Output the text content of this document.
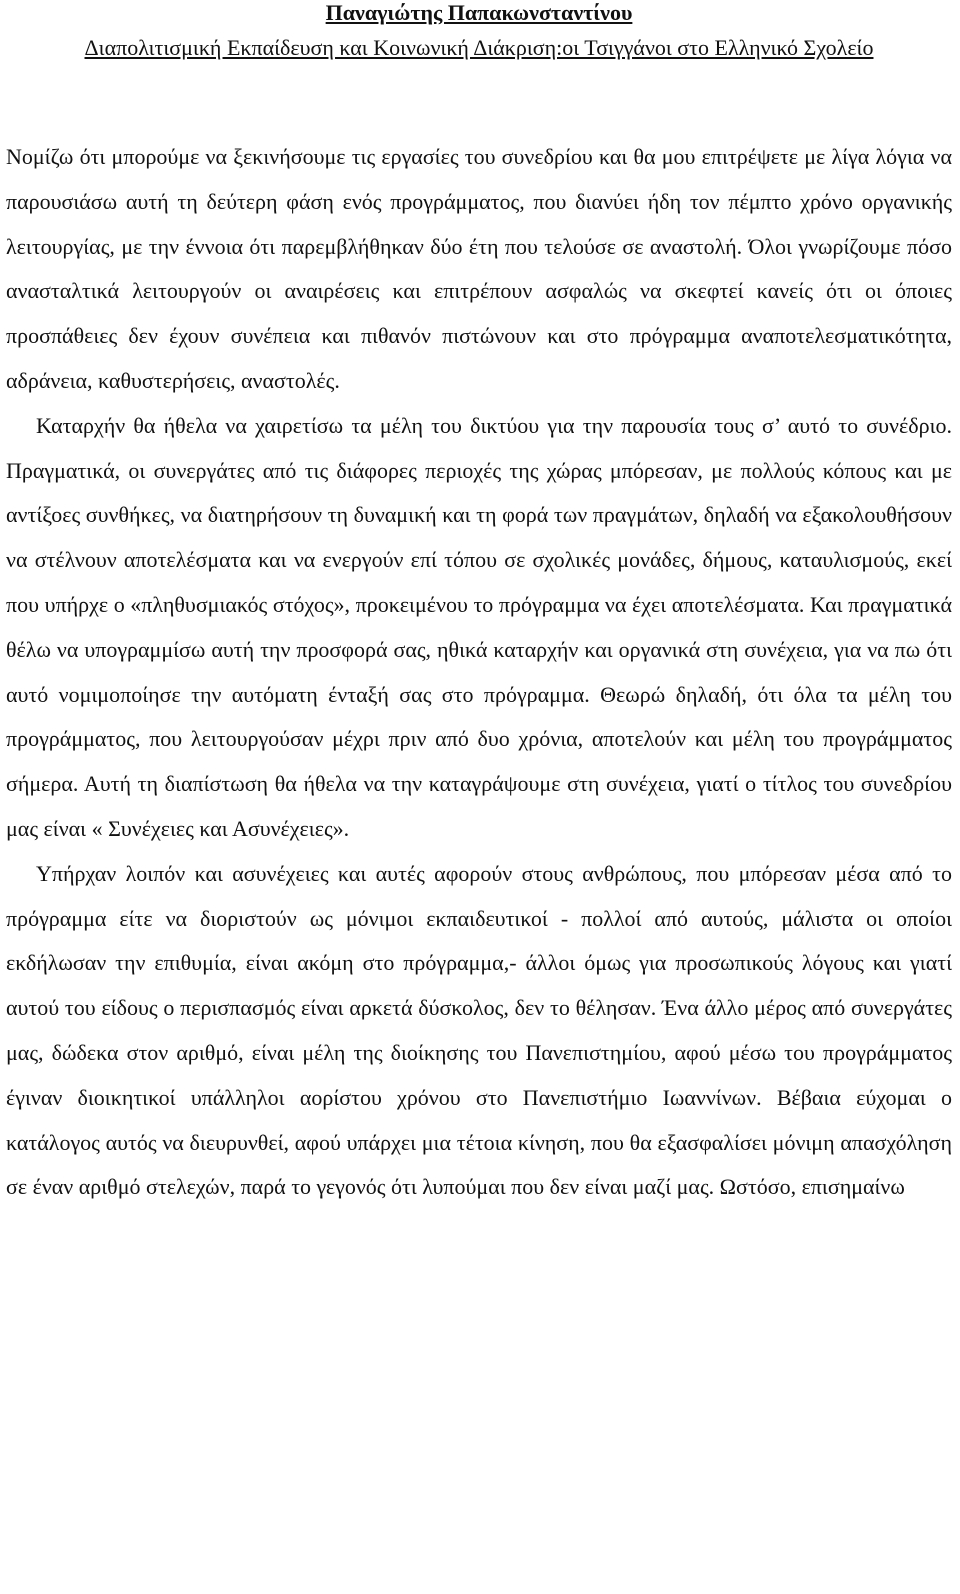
Παναγιώτης Παπακωνσταντίνου

Διαπολιτισμική Εκπαίδευση και Κοινωνική Διάκριση:οι Τσιγγάνοι στο Ελληνικό Σχολείο

Νομίζω ότι μπορούμε να ξεκινήσουμε τις εργασίες του συνεδρίου και θα μου επιτρέψετε με λίγα λόγια να παρουσιάσω αυτή τη δεύτερη φάση ενός προγράμματος, που διανύει ήδη τον πέμπτο χρόνο οργανικής λειτουργίας, με την έννοια ότι παρεμβλήθηκαν δύο έτη που τελούσε σε αναστολή. Όλοι γνωρίζουμε πόσο ανασταλτικά λειτουργούν οι αναιρέσεις και επιτρέπουν ασφαλώς να σκεφτεί κανείς ότι οι όποιες προσπάθειες δεν έχουν συνέπεια και πιθανόν πιστώνουν και στο πρόγραμμα αναποτελεσματικότητα, αδράνεια, καθυστερήσεις, αναστολές.

Καταρχήν θα ήθελα να χαιρετίσω τα μέλη του δικτύου για την παρουσία τους σ’ αυτό το συνέδριο. Πραγματικά, οι συνεργάτες από τις διάφορες περιοχές της χώρας μπόρεσαν, με πολλούς κόπους και με αντίξοες συνθήκες, να διατηρήσουν τη δυναμική και τη φορά των πραγμάτων, δηλαδή να εξακολουθήσουν να στέλνουν αποτελέσματα και να ενεργούν επί τόπου σε σχολικές μονάδες, δήμους, καταυλισμούς, εκεί που υπήρχε ο «πληθυσμιακός στόχος», προκειμένου το πρόγραμμα να έχει αποτελέσματα. Και πραγματικά θέλω να υπογραμμίσω αυτή την προσφορά σας, ηθικά καταρχήν και οργανικά στη συνέχεια, για να πω ότι αυτό νομιμοποίησε την αυτόματη ένταξή σας στο πρόγραμμα. Θεωρώ δηλαδή, ότι όλα τα μέλη του προγράμματος, που λειτουργούσαν μέχρι πριν από δυο χρόνια, αποτελούν και μέλη του προγράμματος σήμερα. Αυτή τη διαπίστωση θα ήθελα να την καταγράψουμε στη συνέχεια, γιατί ο τίτλος του συνεδρίου μας είναι « Συνέχειες και Ασυνέχειες».

Υπήρχαν λοιπόν και ασυνέχειες και αυτές αφορούν στους ανθρώπους, που μπόρεσαν μέσα από το πρόγραμμα είτε να διοριστούν ως μόνιμοι εκπαιδευτικοί - πολλοί από αυτούς, μάλιστα οι οποίοι εκδήλωσαν την επιθυμία, είναι ακόμη στο πρόγραμμα,- άλλοι όμως για προσωπικούς λόγους και γιατί αυτού του είδους ο περισπασμός είναι αρκετά δύσκολος, δεν το θέλησαν. Ένα άλλο μέρος από συνεργάτες μας, δώδεκα στον αριθμό, είναι μέλη της διοίκησης του Πανεπιστημίου, αφού μέσω του προγράμματος έγιναν διοικητικοί υπάλληλοι αορίστου χρόνου στο Πανεπιστήμιο Ιωαννίνων. Βέβαια εύχομαι ο κατάλογος αυτός να διευρυνθεί, αφού υπάρχει μια τέτοια κίνηση, που θα εξασφαλίσει μόνιμη απασχόληση σε έναν αριθμό στελεχών, παρά το γεγονός ότι λυπούμαι που δεν είναι μαζί μας. Ωστόσο, επισημαίνω
